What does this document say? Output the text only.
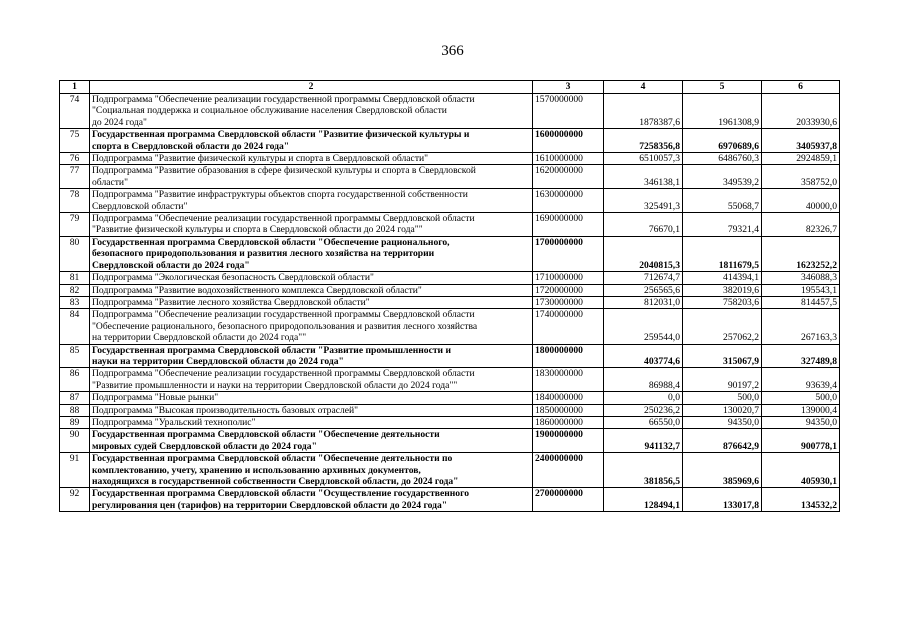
366
1	2	3	4	5	6
74	Подпрограмма "Обеспечение реализации государственной программы Свердловской области
"Социальная поддержка и социальное обслуживание населения Свердловской области
до 2024 года"	1570000000	1878387,6	1961308,9	2033930,6
75	Государственная программа Свердловской области "Развитие физической культуры и
спорта в Свердловской области до 2024 года"	1600000000	7258356,8	6970689,6	3405937,8
76	Подпрограмма "Развитие физической культуры и спорта в Свердловской области"	1610000000	6510057,3	6486760,3	2924859,1
77	Подпрограмма "Развитие образования в сфере физической культуры и спорта в Свердловской
области"	1620000000	346138,1	349539,2	358752,0
78	Подпрограмма "Развитие инфраструктуры объектов спорта государственной собственности
Свердловской области"	1630000000	325491,3	55068,7	40000,0
79	Подпрограмма "Обеспечение реализации государственной программы Свердловской области
"Развитие физической культуры и спорта в Свердловской области до 2024 года""	1690000000	76670,1	79321,4	82326,7
80	Государственная программа Свердловской области "Обеспечение рационального,
безопасного природопользования и развития лесного хозяйства на территории
Свердловской области до 2024 года"	1700000000	2040815,3	1811679,5	1623252,2
81	Подпрограмма "Экологическая безопасность Свердловской области"	1710000000	712674,7	414394,1	346088,3
82	Подпрограмма "Развитие водохозяйственного комплекса Свердловской области"	1720000000	256565,6	382019,6	195543,1
83	Подпрограмма "Развитие лесного хозяйства Свердловской области"	1730000000	812031,0	758203,6	814457,5
84	Подпрограмма "Обеспечение реализации государственной программы Свердловской области
"Обеспечение рационального, безопасного природопользования и развития лесного хозяйства
на территории Свердловской области до 2024 года""	1740000000	259544,0	257062,2	267163,3
85	Государственная программа Свердловской области "Развитие промышленности и
науки на территории Свердловской области до 2024 года"	1800000000	403774,6	315067,9	327489,8
86	Подпрограмма "Обеспечение реализации государственной программы Свердловской области
"Развитие промышленности и науки на территории Свердловской области до 2024 года""	1830000000	86988,4	90197,2	93639,4
87	Подпрограмма "Новые рынки"	1840000000	0,0	500,0	500,0
88	Подпрограмма "Высокая производительность базовых отраслей"	1850000000	250236,2	130020,7	139000,4
89	Подпрограмма "Уральский технополис"	1860000000	66550,0	94350,0	94350,0
90	Государственная программа Свердловской области "Обеспечение деятельности
мировых судей Свердловской области до 2024 года"	1900000000	941132,7	876642,9	900778,1
91	Государственная программа Свердловской области "Обеспечение деятельности по
комплектованию, учету, хранению и использованию архивных документов,
находящихся в государственной собственности Свердловской области, до 2024 года"	2400000000	381856,5	385969,6	405930,1
92	Государственная программа Свердловской области "Осуществление государственного
регулирования цен (тарифов) на территории Свердловской области до 2024 года"	2700000000	128494,1	133017,8	134532,2
